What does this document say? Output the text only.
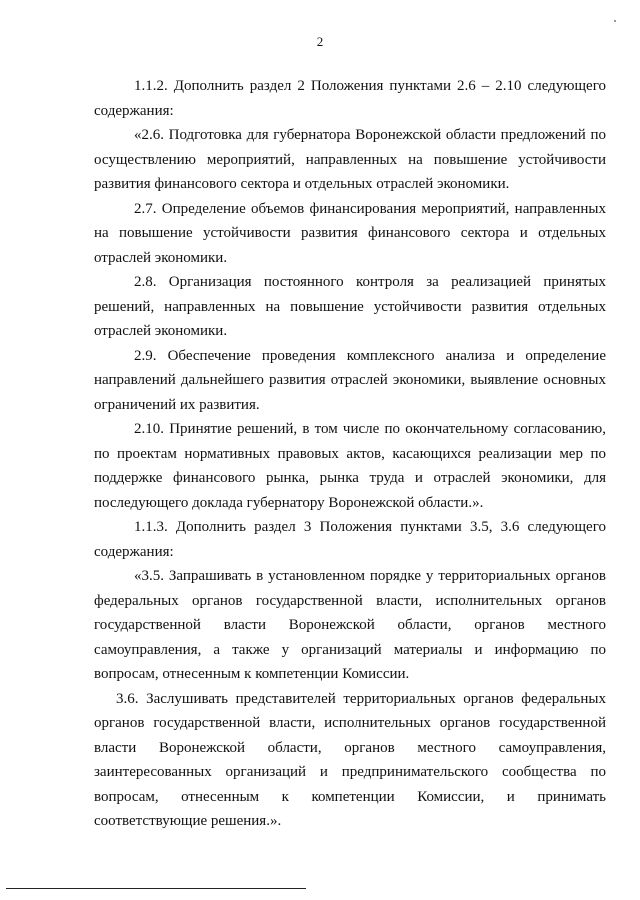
2

1.1.2. Дополнить раздел 2 Положения пунктами 2.6 – 2.10 следующего содержания:

«2.6. Подготовка для губернатора Воронежской области предложений по осуществлению мероприятий, направленных на повышение устойчивости развития финансового сектора и отдельных отраслей экономики.

2.7. Определение объемов финансирования мероприятий, направленных на повышение устойчивости развития финансового сектора и отдельных отраслей экономики.

2.8. Организация постоянного контроля за реализацией принятых решений, направленных на повышение устойчивости развития отдельных отраслей экономики.

2.9. Обеспечение проведения комплексного анализа и определение направлений дальнейшего развития отраслей экономики, выявление основных ограничений их развития.

2.10. Принятие решений, в том числе по окончательному согласованию, по проектам нормативных правовых актов, касающихся реализации мер по поддержке финансового рынка, рынка труда и отраслей экономики, для последующего доклада губернатору Воронежской области.».

1.1.3. Дополнить раздел 3 Положения пунктами 3.5, 3.6 следующего содержания:

«3.5. Запрашивать в установленном порядке у территориальных органов федеральных органов государственной власти, исполнительных органов государственной власти Воронежской области, органов местного самоуправления, а также у организаций материалы и информацию по вопросам, отнесенным к компетенции Комиссии.

3.6. Заслушивать представителей территориальных органов федеральных органов государственной власти, исполнительных органов государственной власти Воронежской области, органов местного самоуправления, заинтересованных организаций и предпринимательского сообщества по вопросам, отнесенным к компетенции Комиссии, и принимать соответствующие решения.».
